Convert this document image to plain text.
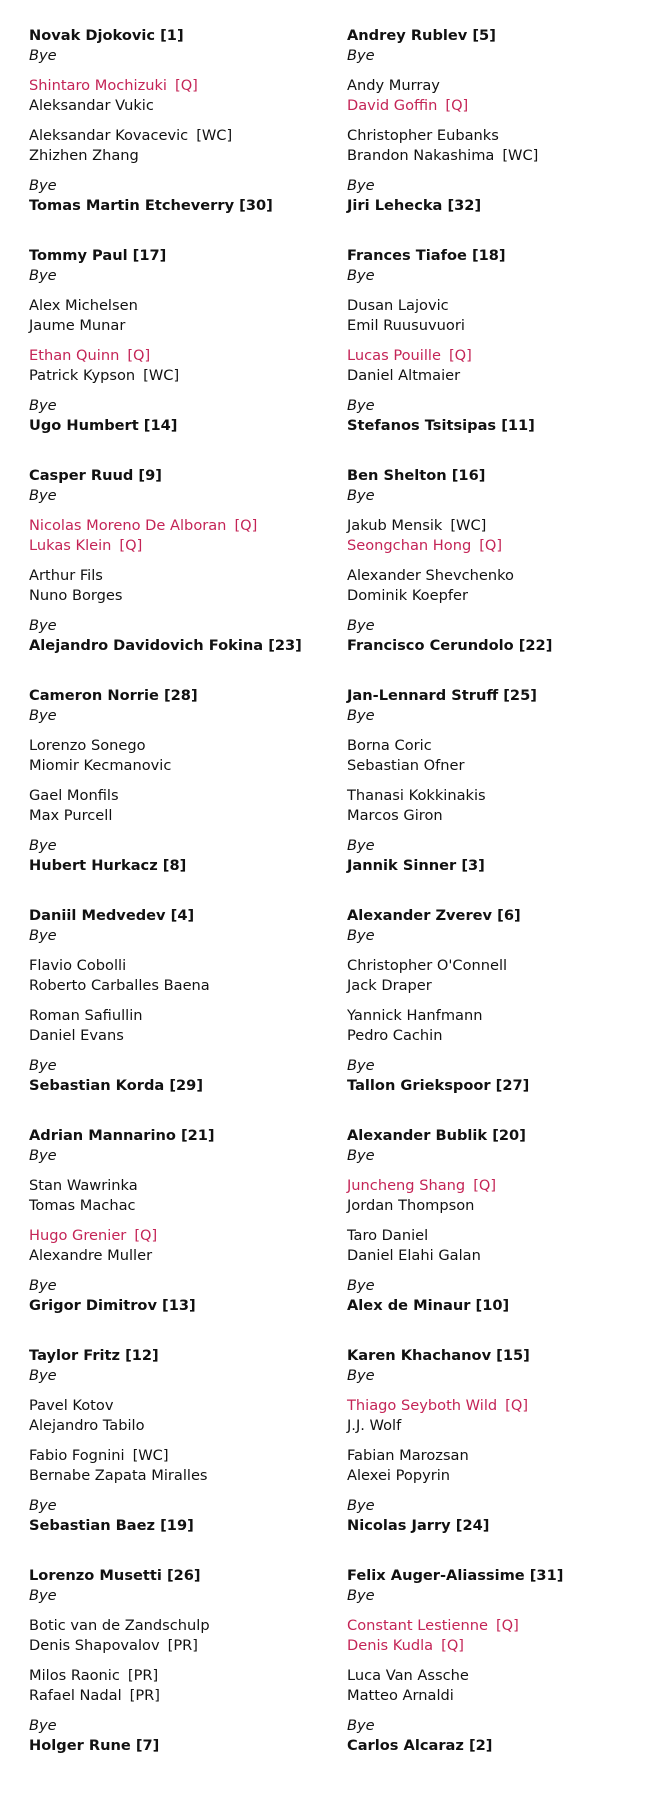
Novak Djokovic [1]
Bye
Shintaro Mochizuki [Q]
Aleksandar Vukic
Aleksandar Kovacevic [WC]
Zhizhen Zhang
Bye
Tomas Martin Etcheverry [30]
Tommy Paul [17]
Bye
Alex Michelsen
Jaume Munar
Ethan Quinn [Q]
Patrick Kypson [WC]
Bye
Ugo Humbert [14]
Casper Ruud [9]
Bye
Nicolas Moreno De Alboran [Q]
Lukas Klein [Q]
Arthur Fils
Nuno Borges
Bye
Alejandro Davidovich Fokina [23]
Cameron Norrie [28]
Bye
Lorenzo Sonego
Miomir Kecmanovic
Gael Monfils
Max Purcell
Bye
Hubert Hurkacz [8]
Daniil Medvedev [4]
Bye
Flavio Cobolli
Roberto Carballes Baena
Roman Safiullin
Daniel Evans
Bye
Sebastian Korda [29]
Adrian Mannarino [21]
Bye
Stan Wawrinka
Tomas Machac
Hugo Grenier [Q]
Alexandre Muller
Bye
Grigor Dimitrov [13]
Taylor Fritz [12]
Bye
Pavel Kotov
Alejandro Tabilo
Fabio Fognini [WC]
Bernabe Zapata Miralles
Bye
Sebastian Baez [19]
Lorenzo Musetti [26]
Bye
Botic van de Zandschulp
Denis Shapovalov [PR]
Milos Raonic [PR]
Rafael Nadal [PR]
Bye
Holger Rune [7]
Andrey Rublev [5]
Bye
Andy Murray
David Goffin [Q]
Christopher Eubanks
Brandon Nakashima [WC]
Bye
Jiri Lehecka [32]
Frances Tiafoe [18]
Bye
Dusan Lajovic
Emil Ruusuvuori
Lucas Pouille [Q]
Daniel Altmaier
Bye
Stefanos Tsitsipas [11]
Ben Shelton [16]
Bye
Jakub Mensik [WC]
Seongchan Hong [Q]
Alexander Shevchenko
Dominik Koepfer
Bye
Francisco Cerundolo [22]
Jan-Lennard Struff [25]
Bye
Borna Coric
Sebastian Ofner
Thanasi Kokkinakis
Marcos Giron
Bye
Jannik Sinner [3]
Alexander Zverev [6]
Bye
Christopher O'Connell
Jack Draper
Yannick Hanfmann
Pedro Cachin
Bye
Tallon Griekspoor [27]
Alexander Bublik [20]
Bye
Juncheng Shang [Q]
Jordan Thompson
Taro Daniel
Daniel Elahi Galan
Bye
Alex de Minaur [10]
Karen Khachanov [15]
Bye
Thiago Seyboth Wild [Q]
J.J. Wolf
Fabian Marozsan
Alexei Popyrin
Bye
Nicolas Jarry [24]
Felix Auger-Aliassime [31]
Bye
Constant Lestienne [Q]
Denis Kudla [Q]
Luca Van Assche
Matteo Arnaldi
Bye
Carlos Alcaraz [2]
